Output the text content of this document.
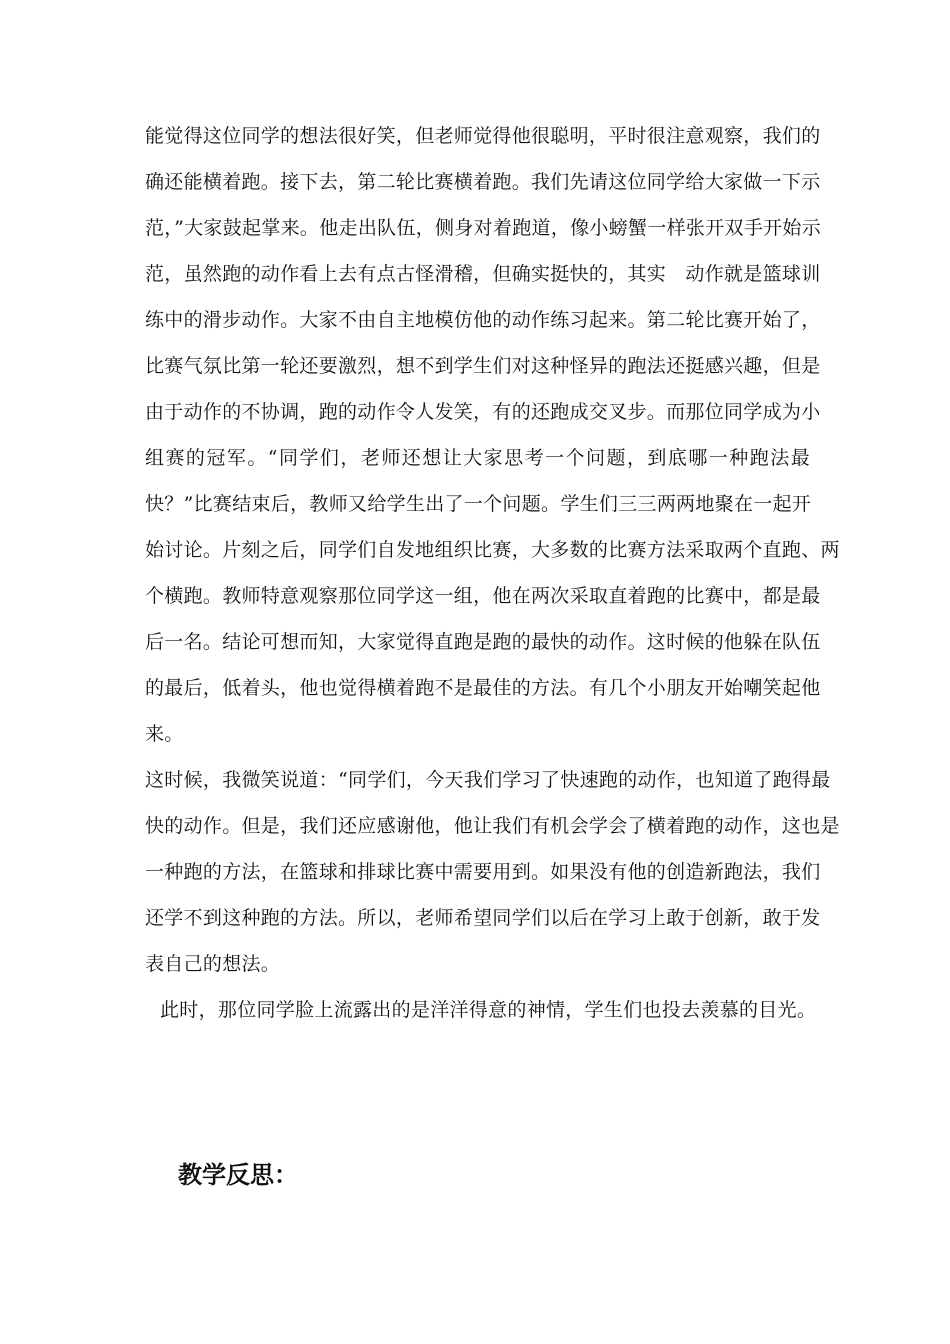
能觉得这位同学的想法很好笑，但老师觉得他很聪明，平时很注意观察，我们的
确还能横着跑。接下去，第二轮比赛横着跑。我们先请这位同学给大家做一下示
范，”大家鼓起掌来。他走出队伍，侧身对着跑道，像小螃蟹一样张开双手开始示
范，虽然跑的动作看上去有点古怪滑稽，但确实挺快的，其实　动作就是篮球训
练中的滑步动作。大家不由自主地模仿他的动作练习起来。第二轮比赛开始了，
比赛气氛比第一轮还要激烈，想不到学生们对这种怪异的跑法还挺感兴趣，但是
由于动作的不协调，跑的动作令人发笑，有的还跑成交叉步。而那位同学成为小
组赛的冠军。“同学们，老师还想让大家思考一个问题，到底哪一种跑法最
快？”比赛结束后，教师又给学生出了一个问题。学生们三三两两地聚在一起开
始讨论。片刻之后，同学们自发地组织比赛，大多数的比赛方法采取两个直跑、两
个横跑。教师特意观察那位同学这一组，他在两次采取直着跑的比赛中，都是最
后一名。结论可想而知，大家觉得直跑是跑的最快的动作。这时候的他躲在队伍
的最后，低着头，他也觉得横着跑不是最佳的方法。有几个小朋友开始嘲笑起他
来。
这时候，我微笑说道：“同学们，今天我们学习了快速跑的动作，也知道了跑得最
快的动作。但是，我们还应感谢他，他让我们有机会学会了横着跑的动作，这也是
一种跑的方法，在篮球和排球比赛中需要用到。如果没有他的创造新跑法，我们
还学不到这种跑的方法。所以，老师希望同学们以后在学习上敢于创新，敢于发
表自己的想法。
此时，那位同学脸上流露出的是洋洋得意的神情，学生们也投去羡慕的目光。
教学反思：
